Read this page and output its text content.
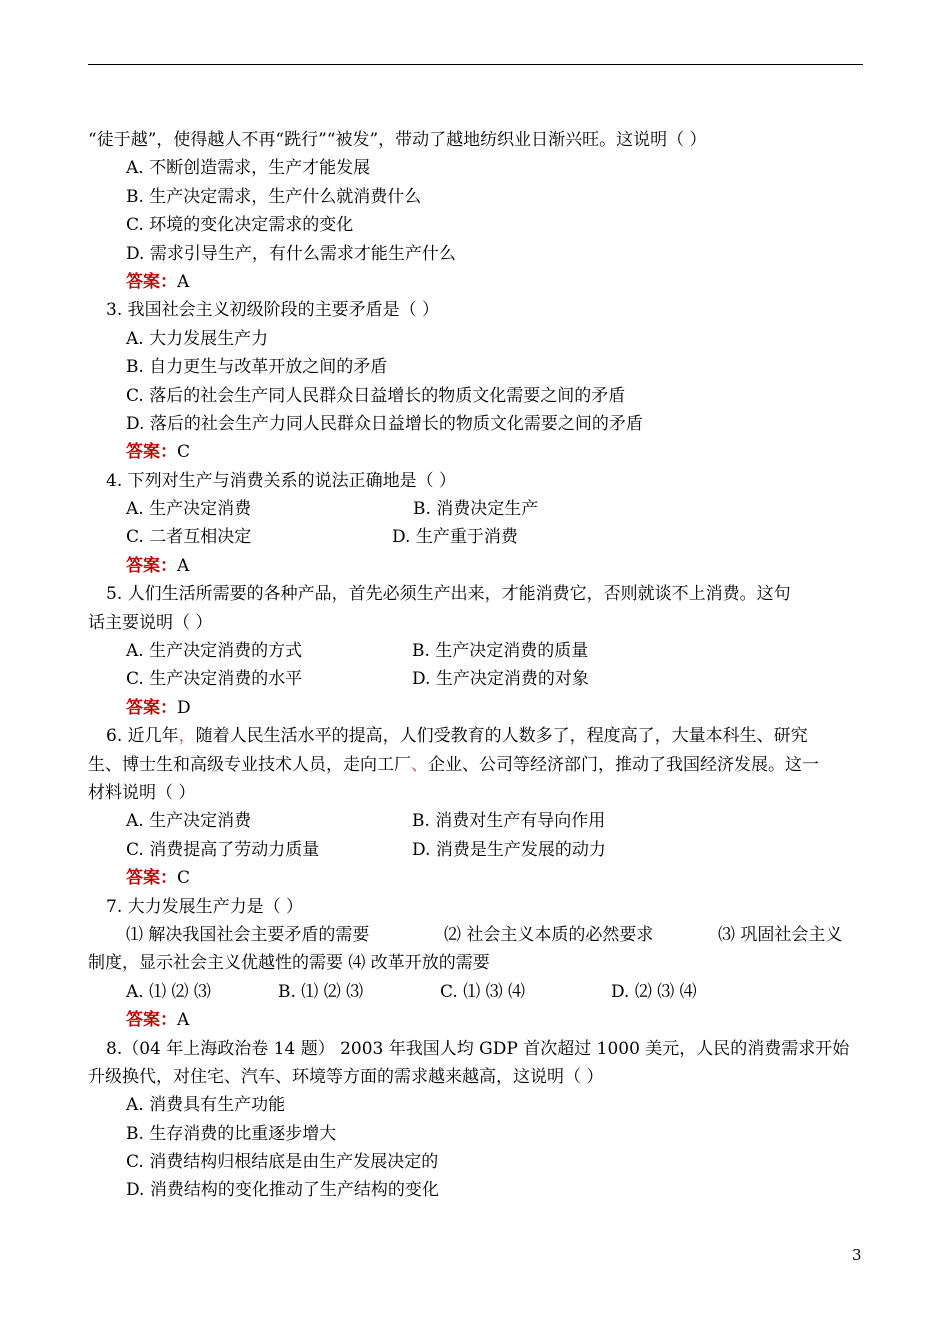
“徒于越”，使得越人不再“跣行”“被发”，带动了越地纺织业日渐兴旺。这说明（ ）
A. 不断创造需求，生产才能发展
B. 生产决定需求，生产什么就消费什么
C. 环境的变化决定需求的变化
D. 需求引导生产，有什么需求才能生产什么
答案：A
3. 我国社会主义初级阶段的主要矛盾是（ ）
A. 大力发展生产力
B. 自力更生与改革开放之间的矛盾
C. 落后的社会生产同人民群众日益增长的物质文化需要之间的矛盾
D. 落后的社会生产力同人民群众日益增长的物质文化需要之间的矛盾
答案：C
4. 下列对生产与消费关系的说法正确地是（ ）
A. 生产决定消费	B. 消费决定生产
C. 二者互相决定	D. 生产重于消费
答案：A
5. 人们生活所需要的各种产品，首先必须生产出来，才能消费它，否则就谈不上消费。这句
话主要说明（ ）
A. 生产决定消费的方式	B. 生产决定消费的质量
C. 生产决定消费的水平	D. 生产决定消费的对象
答案：D
6. 近几年，随着人民生活水平的提高，人们受教育的人数多了，程度高了，大量本科生、研究
生、博士生和高级专业技术人员，走向工厂、企业、公司等经济部门，推动了我国经济发展。这一
材料说明（ ）
A. 生产决定消费	B. 消费对生产有导向作用
C. 消费提高了劳动力质量	D. 消费是生产发展的动力
答案：C
7. 大力发展生产力是（ ）
⑴ 解决我国社会主要矛盾的需要	⑵ 社会主义本质的必然要求	⑶ 巩固社会主义
制度，显示社会主义优越性的需要 ⑷ 改革开放的需要
A. ⑴ ⑵ ⑶	B. ⑴ ⑵ ⑶	C. ⑴ ⑶ ⑷	D. ⑵ ⑶ ⑷
答案：A
8.（04 年上海政治卷 14 题） 2003 年我国人均 GDP 首次超过 1000 美元，人民的消费需求开始
升级换代，对住宅、汽车、环境等方面的需求越来越高，这说明（ ）
A. 消费具有生产功能
B. 生存消费的比重逐步增大
C. 消费结构归根结底是由生产发展决定的
D. 消费结构的变化推动了生产结构的变化
3
